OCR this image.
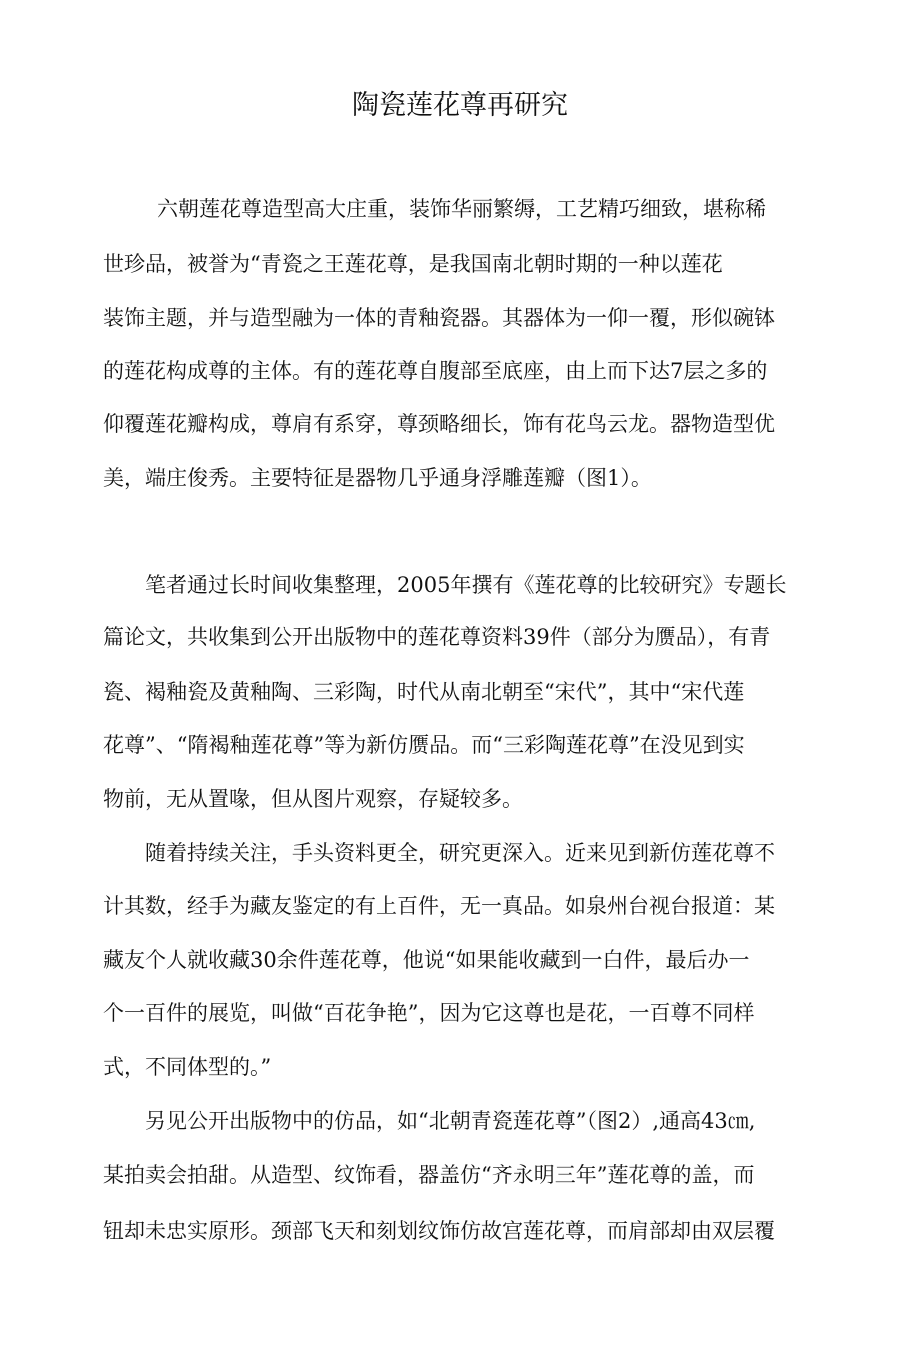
陶瓷莲花尊再研究
六朝莲花尊造型高大庄重，装饰华丽繁缛，工艺精巧细致，堪称稀
世珍品，被誉为“青瓷之王莲花尊，是我国南北朝时期的一种以莲花
装饰主题，并与造型融为一体的青釉瓷器。其器体为一仰一覆，形似碗钵
的莲花构成尊的主体。有的莲花尊自腹部至底座，由上而下达7层之多的
仰覆莲花瓣构成，尊肩有系穿，尊颈略细长，饰有花鸟云龙。器物造型优
美，端庄俊秀。主要特征是器物几乎通身浮雕莲瓣（图1）。
笔者通过长时间收集整理，2005年撰有《莲花尊的比较研究》专题长
篇论文，共收集到公开出版物中的莲花尊资料39件（部分为赝品），有青
瓷、褐釉瓷及黄釉陶、三彩陶，时代从南北朝至“宋代”，其中“宋代莲
花尊”、“隋褐釉莲花尊”等为新仿赝品。而“三彩陶莲花尊”在没见到实
物前，无从置喙，但从图片观察，存疑较多。
随着持续关注，手头资料更全，研究更深入。近来见到新仿莲花尊不
计其数，经手为藏友鉴定的有上百件，无一真品。如泉州台视台报道：某
藏友个人就收藏30余件莲花尊，他说“如果能收藏到一白件，最后办一
个一百件的展览，叫做“百花争艳”，因为它这尊也是花，一百尊不同样
式，不同体型的。”
另见公开出版物中的仿品，如“北朝青瓷莲花尊”（图2）,通高43㎝,
某拍卖会拍甜。从造型、纹饰看，器盖仿“齐永明三年”莲花尊的盖，而
钮却未忠实原形。颈部飞天和刻划纹饰仿故宫莲花尊，而肩部却由双层覆
